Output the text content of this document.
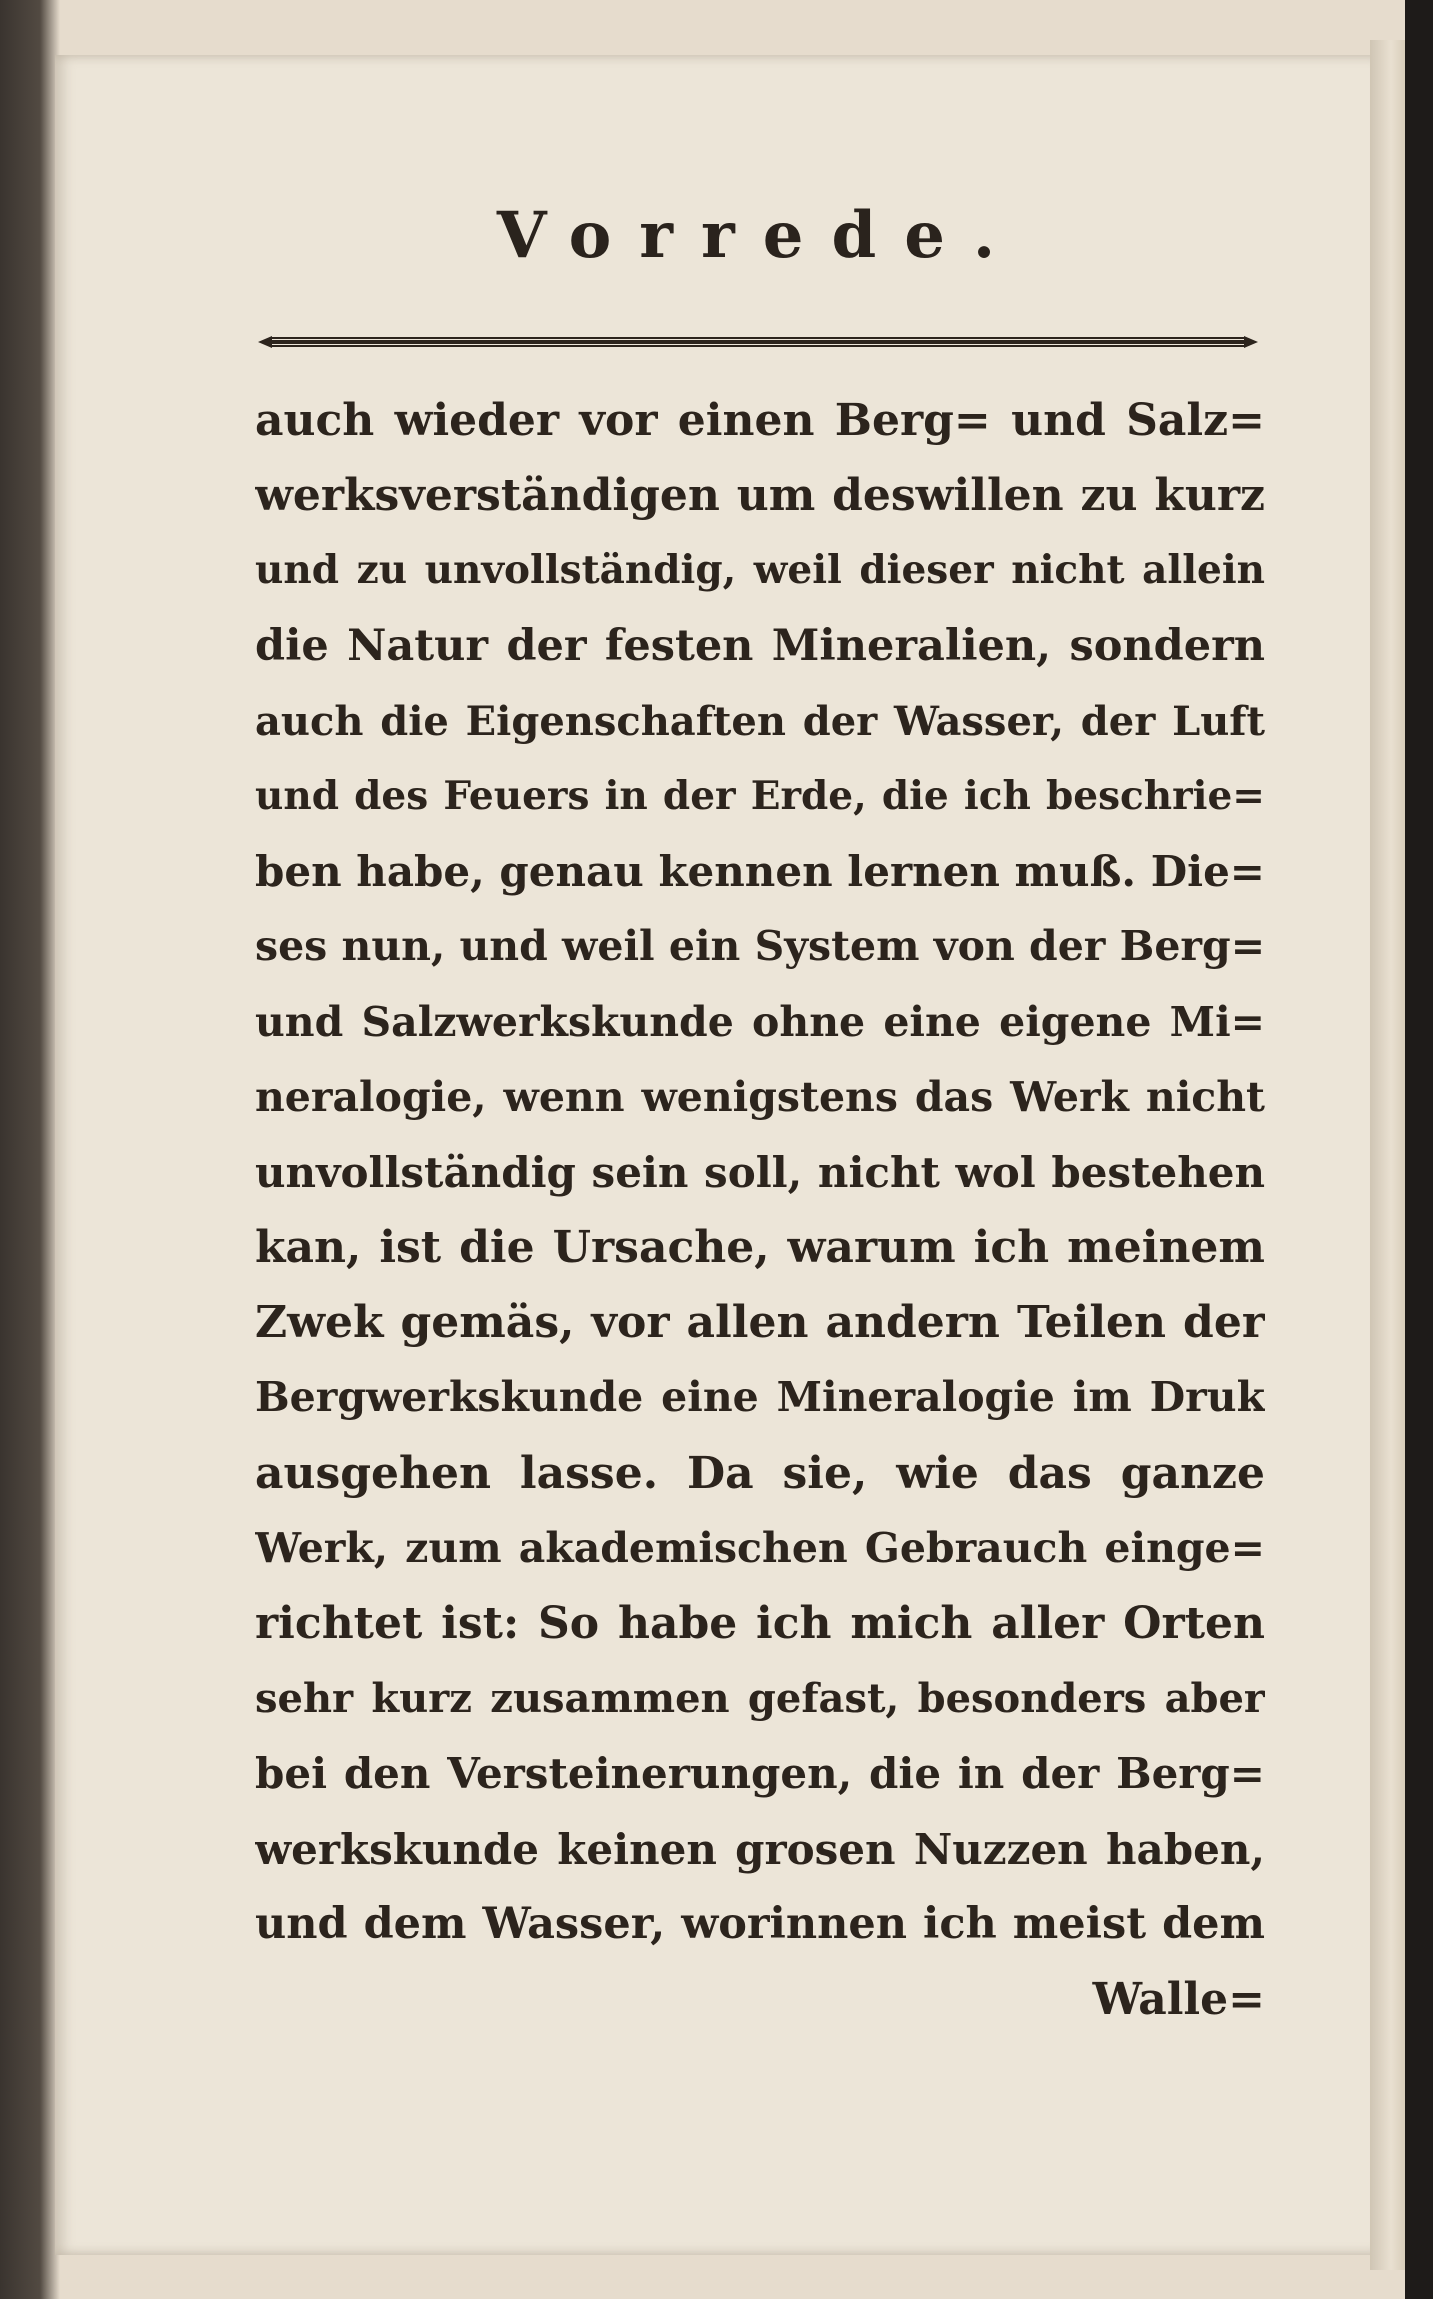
Vorrede.
auch wieder vor einen Berg= und Salz=
werksverständigen um deswillen zu kurz
und zu unvollständig, weil dieser nicht allein
die Natur der festen Mineralien, sondern
auch die Eigenschaften der Wasser, der Luft
und des Feuers in der Erde, die ich beschrie=
ben habe, genau kennen lernen muß. Die=
ses nun, und weil ein System von der Berg=
und Salzwerkskunde ohne eine eigene Mi=
neralogie, wenn wenigstens das Werk nicht
unvollständig sein soll, nicht wol bestehen
kan, ist die Ursache, warum ich meinem
Zwek gemäs, vor allen andern Teilen der
Bergwerkskunde eine Mineralogie im Druk
ausgehen lasse. Da sie, wie das ganze
Werk, zum akademischen Gebrauch einge=
richtet ist: So habe ich mich aller Orten
sehr kurz zusammen gefast, besonders aber
bei den Versteinerungen, die in der Berg=
werkskunde keinen grosen Nuzzen haben,
und dem Wasser, worinnen ich meist dem
Walle=
